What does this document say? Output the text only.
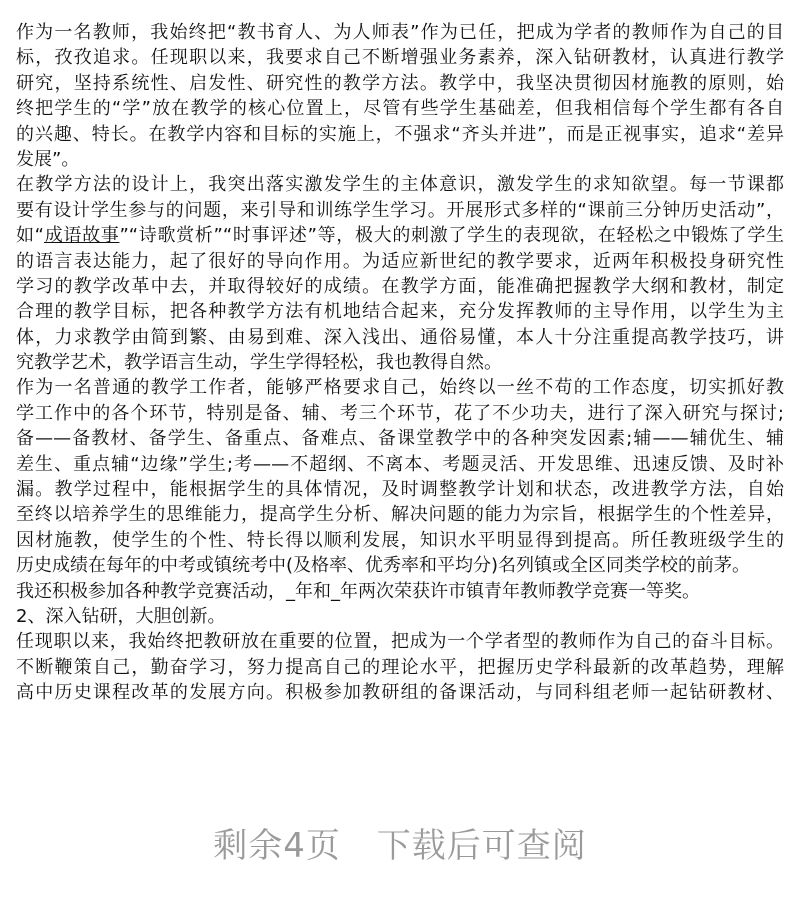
作为一名教师，我始终把“教书育人、为人师表”作为已任，把成为学者的教师作为自己的目
标，孜孜追求。任现职以来，我要求自己不断增强业务素养，深入钻研教材，认真进行教学
研究，坚持系统性、启发性、研究性的教学方法。教学中，我坚决贯彻因材施教的原则，始
终把学生的“学”放在教学的核心位置上，尽管有些学生基础差，但我相信每个学生都有各自
的兴趣、特长。在教学内容和目标的实施上，不强求“齐头并进”，而是正视事实，追求“差异
发展”。
在教学方法的设计上，我突出落实激发学生的主体意识，激发学生的求知欲望。每一节课都
要有设计学生参与的问题，来引导和训练学生学习。开展形式多样的“课前三分钟历史活动”，
如“成语故事”“诗歌赏析”“时事评述”等，极大的刺激了学生的表现欲，在轻松之中锻炼了学生
的语言表达能力，起了很好的导向作用。为适应新世纪的教学要求，近两年积极投身研究性
学习的教学改革中去，并取得较好的成绩。在教学方面，能准确把握教学大纲和教材，制定
合理的教学目标，把各种教学方法有机地结合起来，充分发挥教师的主导作用，以学生为主
体，力求教学由简到繁、由易到难、深入浅出、通俗易懂，本人十分注重提高教学技巧，讲
究教学艺术，教学语言生动，学生学得轻松，我也教得自然。
作为一名普通的教学工作者，能够严格要求自己，始终以一丝不苟的工作态度，切实抓好教
学工作中的各个环节，特别是备、辅、考三个环节，花了不少功夫，进行了深入研究与探讨;
备——备教材、备学生、备重点、备难点、备课堂教学中的各种突发因素;辅——辅优生、辅
差生、重点辅“边缘”学生;考——不超纲、不离本、考题灵活、开发思维、迅速反馈、及时补
漏。教学过程中，能根据学生的具体情况，及时调整教学计划和状态，改进教学方法，自始
至终以培养学生的思维能力，提高学生分析、解决问题的能力为宗旨，根据学生的个性差异，
因材施教，使学生的个性、特长得以顺利发展，知识水平明显得到提高。所任教班级学生的
历史成绩在每年的中考或镇统考中(及格率、优秀率和平均分)名列镇或全区同类学校的前茅。
我还积极参加各种教学竞赛活动，_年和_年两次荣获许市镇青年教师教学竞赛一等奖。
2、深入钻研，大胆创新。
任现职以来，我始终把教研放在重要的位置，把成为一个学者型的教师作为自己的奋斗目标。
不断鞭策自己，勤奋学习，努力提高自己的理论水平，把握历史学科最新的改革趋势，理解
高中历史课程改革的发展方向。积极参加教研组的备课活动，与同科组老师一起钻研教材、
剩余4页 下载后可查阅
